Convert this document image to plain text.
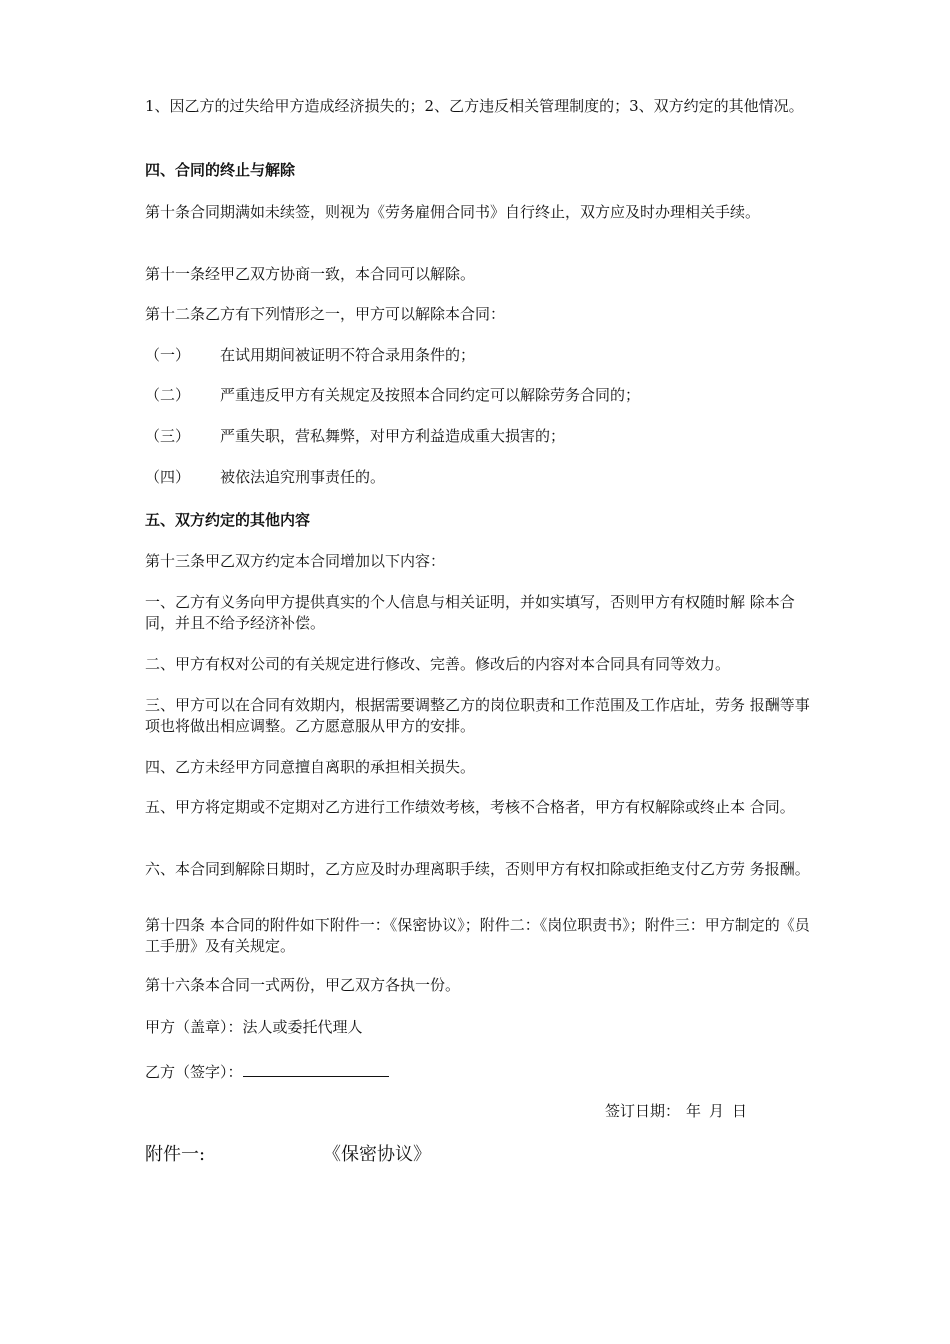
1、因乙方的过失给甲方造成经济损失的；2、乙方违反相关管理制度的；3、双方约定的其他情况。

四、合同的终止与解除

第十条合同期满如未续签，则视为《劳务雇佣合同书》自行终止，双方应及时办理相关手续。

第十一条经甲乙双方协商一致，本合同可以解除。

第十二条乙方有下列情形之一，甲方可以解除本合同：

（一） 在试用期间被证明不符合录用条件的；
（二） 严重违反甲方有关规定及按照本合同约定可以解除劳务合同的；
（三） 严重失职，营私舞弊，对甲方利益造成重大损害的；
（四） 被依法追究刑事责任的。

五、双方约定的其他内容

第十三条甲乙双方约定本合同增加以下内容：

一、乙方有义务向甲方提供真实的个人信息与相关证明，并如实填写，否则甲方有权随时解 除本合同，并且不给予经济补偿。

二、甲方有权对公司的有关规定进行修改、完善。修改后的内容对本合同具有同等效力。

三、甲方可以在合同有效期内，根据需要调整乙方的岗位职责和工作范围及工作店址，劳务 报酬等事项也将做出相应调整。乙方愿意服从甲方的安排。

四、乙方未经甲方同意擅自离职的承担相关损失。

五、甲方将定期或不定期对乙方进行工作绩效考核，考核不合格者，甲方有权解除或终止本 合同。

六、本合同到解除日期时，乙方应及时办理离职手续，否则甲方有权扣除或拒绝支付乙方劳 务报酬。

第十四条 本合同的附件如下附件一：《保密协议》；附件二：《岗位职责书》；附件三：甲方制定的《员工手册》及有关规定。

第十六条本合同一式两份，甲乙双方各执一份。

甲方（盖章）：法人或委托代理人

乙方（签字）：

签订日期： 年 月 日
附件一:	《保密协议》
